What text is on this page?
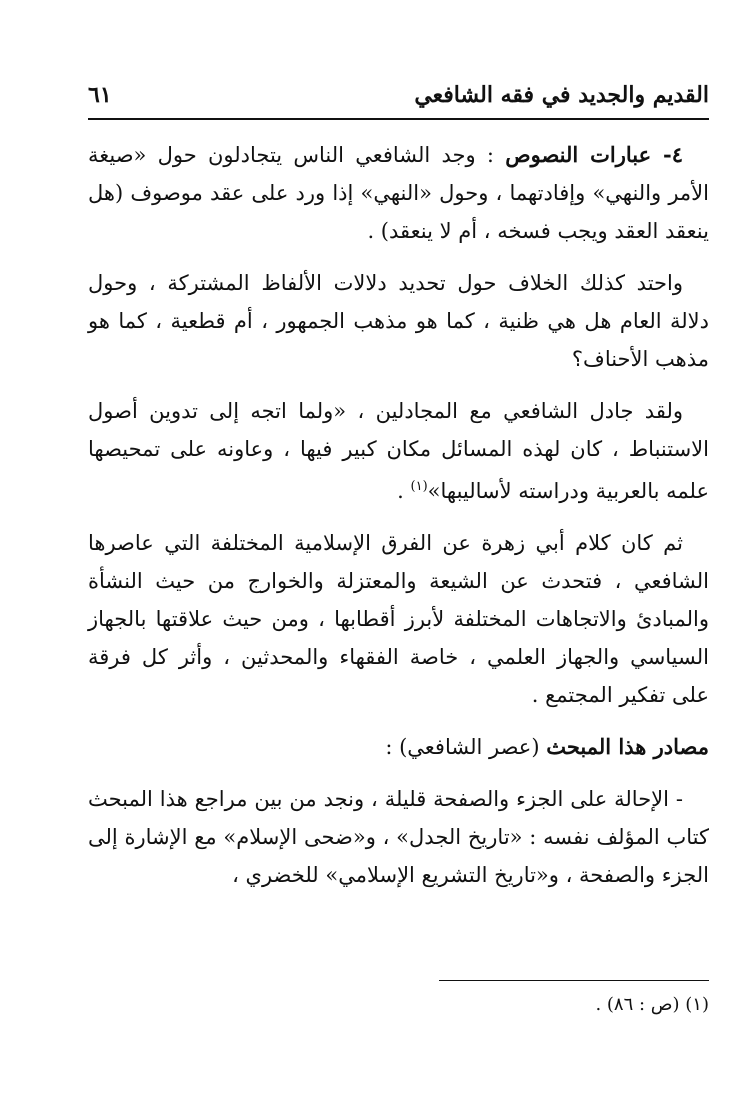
القديم والجديد في فقه الشافعي
٦١

٤- عبارات النصوص : وجد الشافعي الناس يتجادلون حول «صيغة الأمر والنهي» وإفادتهما ، وحول «النهي» إذا ورد على عقد موصوف (هل ينعقد العقد ويجب فسخه ، أم لا ينعقد) .

واحتد كذلك الخلاف حول تحديد دلالات الألفاظ المشتركة ، وحول دلالة العام هل هي ظنية ، كما هو مذهب الجمهور ، أم قطعية ، كما هو مذهب الأحناف؟

ولقد جادل الشافعي مع المجادلين ، «ولما اتجه إلى تدوين أصول الاستنباط ، كان لهذه المسائل مكان كبير فيها ، وعاونه على تمحيصها علمه بالعربية ودراسته لأساليبها»$^{(١)}$ .

ثم كان كلام أبي زهرة عن الفرق الإسلامية المختلفة التي عاصرها الشافعي ، فتحدث عن الشيعة والمعتزلة والخوارج من حيث النشأة والمبادئ والاتجاهات المختلفة لأبرز أقطابها ، ومن حيث علاقتها بالجهاز السياسي والجهاز العلمي ، خاصة الفقهاء والمحدثين ، وأثر كل فرقة على تفكير المجتمع .

مصادر هذا المبحث (عصر الشافعي) :

- الإحالة على الجزء والصفحة قليلة ، ونجد من بين مراجع هذا المبحث كتاب المؤلف نفسه : «تاريخ الجدل» ، و«ضحى الإسلام» مع الإشارة إلى الجزء والصفحة ، و«تاريخ التشريع الإسلامي» للخضري ،

(١) (ص : ٨٦) .
